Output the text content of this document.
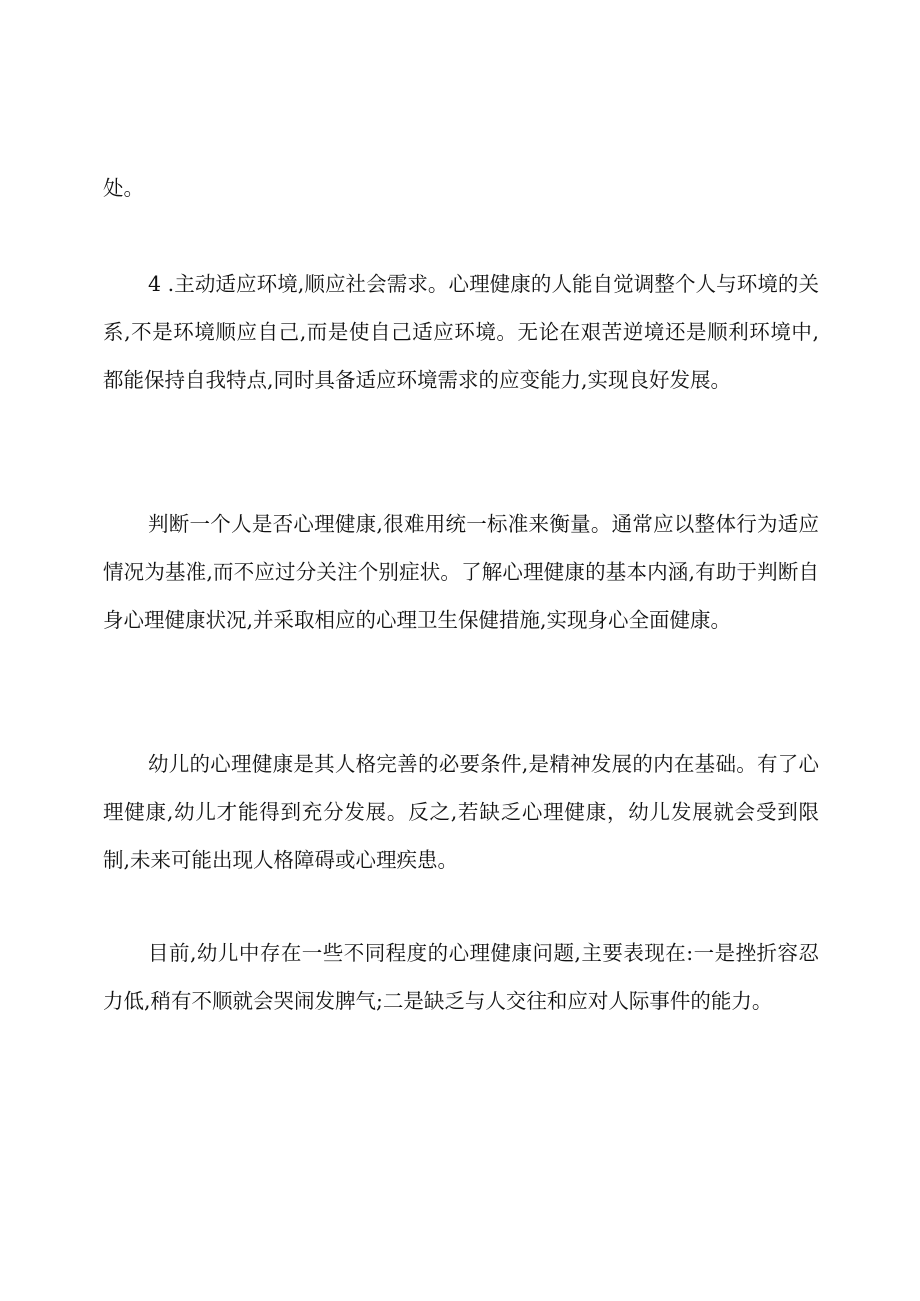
处。

4 .主动适应环境,顺应社会需求。心理健康的人能自觉调整个人与环境的关系,不是环境顺应自己,而是使自己适应环境。无论在艰苦逆境还是顺利环境中,都能保持自我特点,同时具备适应环境需求的应变能力,实现良好发展。

判断一个人是否心理健康,很难用统一标准来衡量。通常应以整体行为适应情况为基准,而不应过分关注个别症状。了解心理健康的基本内涵,有助于判断自身心理健康状况,并采取相应的心理卫生保健措施,实现身心全面健康。

幼儿的心理健康是其人格完善的必要条件,是精神发展的内在基础。有了心理健康,幼儿才能得到充分发展。反之,若缺乏心理健康，幼儿发展就会受到限制,未来可能出现人格障碍或心理疾患。

目前,幼儿中存在一些不同程度的心理健康问题,主要表现在:一是挫折容忍力低,稍有不顺就会哭闹发脾气;二是缺乏与人交往和应对人际事件的能力。
